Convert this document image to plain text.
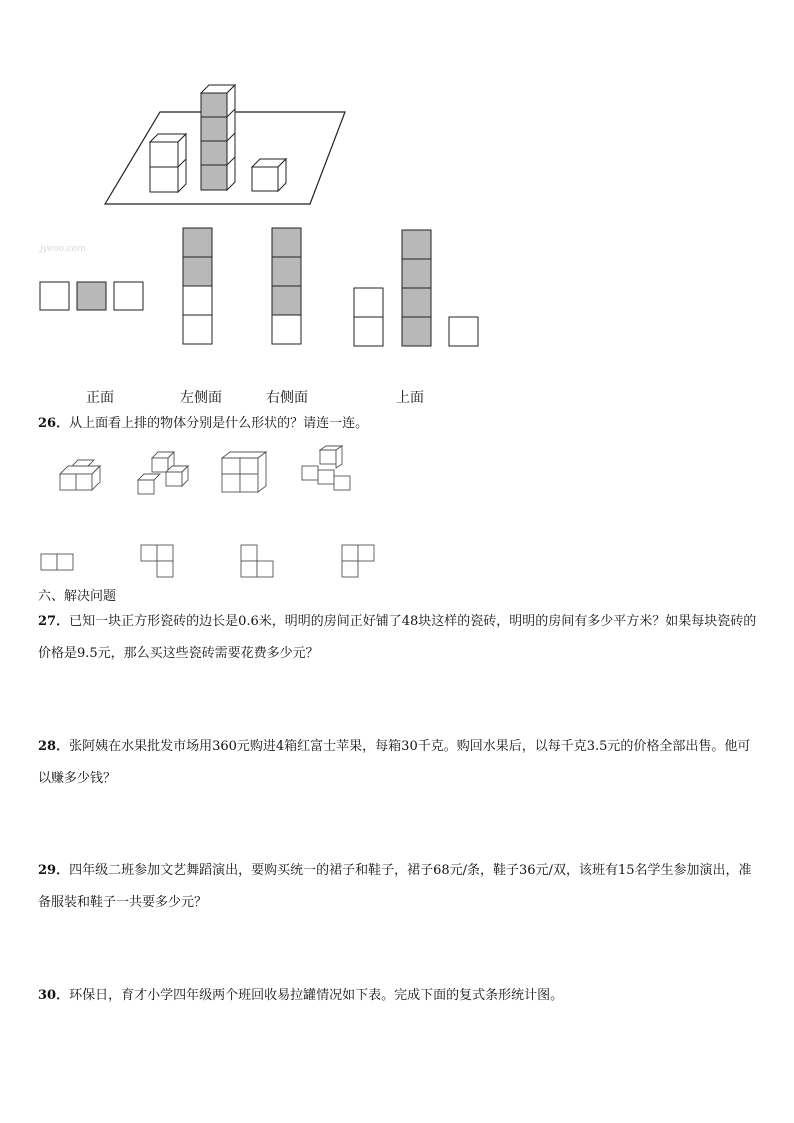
jyeoo.com
正面	左侧面	右侧面	上面
26．从上面看上排的物体分别是什么形状的？请连一连。
六、解决问题
27．已知一块正方形瓷砖的边长是0.6米，明明的房间正好铺了48块这样的瓷砖，明明的房间有多少平方米？如果每块瓷砖的价格是9.5元，那么买这些瓷砖需要花费多少元？
28．张阿姨在水果批发市场用360元购进4箱红富士苹果，每箱30千克。购回水果后，以每千克3.5元的价格全部出售。他可以赚多少钱？
29．四年级二班参加文艺舞蹈演出，要购买统一的裙子和鞋子，裙子68元/条，鞋子36元/双，该班有15名学生参加演出，准备服装和鞋子一共要多少元？
30．环保日，育才小学四年级两个班回收易拉罐情况如下表。完成下面的复式条形统计图。
